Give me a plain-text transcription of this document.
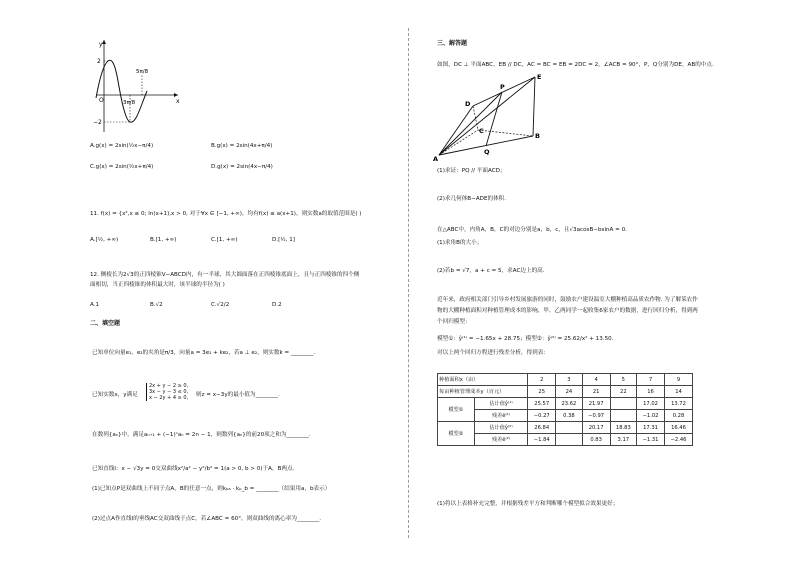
y
x
2
−2
O	3π/8
5π/8
A.g(x) = 2sin(½x−π/4)	B.g(x) = 2sin(4x+π/4)
C.g(x) = 2sin(½x+π/4)	D.g(x) = 2sin(4x−π/4)
11. f(x) = {x²,x ≤ 0; ln(x+1),x > 0, 对于∀x ∈ [−1, +∞)，均有f(x) ≤ a(x+1)，则实数a的取值范围是( )
A.[½, +∞)	B.[1, +∞)	C.[1, +∞)	D.[½, 1]
12. 侧棱长为2√3的正四棱锥V−ABCD内，有一半球，其大圆面落在正四棱锥底面上，且与正四棱锥的四个侧
面相切，当正四棱锥的体积最大时，该半球的半径为( )
A.1	B.√2	C.√2/2	D.2
二、填空题
已知单位向量e₁，e₂的夹角是π/3，向量a = 3e₁ + ke₂，若a ⊥ e₂，则实数k = ________.
已知实数x，y满足
2x + y − 2 ≥ 0,
3x − y − 3 ≤ 0,
x − 2y + 4 ≥ 0, 则z = x−3y的最小值为________.
在数列{aₙ}中，满足aₙ₊₁ + (−1)ⁿaₙ = 2n − 1，则数列{aₙ}的前20项之和为________.
已知直线l：x − √3y = 0交双曲线x²/a² − y²/b² = 1(a > 0, b > 0)于A，B两点.
(1)已知点P是双曲线上不同于点A，B的任意一点，则kₚₐ · kₚ_b = ________（结果用a，b表示）
(2)过点A作直线l的垂线AC交双曲线于点C，若∠ABC = 60°，则双曲线的离心率为________.
三、解答题
如图，DC ⊥ 平面ABC，EB // DC，AC = BC = EB = 2DC = 2，∠ACB = 90°，P，Q分别为DE，AB的中点.
E
D
P
C
B
A
Q
(1)求证：PQ // 平面ACD；
(2)求几何体B−ADE的体积.
在△ABC中，内角A，B，C的对边分别是a，b，c，且√3acosB−bsinA = 0.
(1)求角B的大小；
(2)若b = √7，a + c = 5，求AC边上的高.
近年来，政府相关部门引导乡村发展旅游的同时，鼓励农户建设温室大棚种植高品质农作物. 为了解某农作
物的大棚种植面积对种植管理成本的影响，甲、乙两同学一起收集6家农户的数据，进行回归分析，得到两
个回归模型：
模型①：ŷ⁽¹⁾ = −1.65x + 28.75；模型②：ŷ⁽²⁾ = 25.62/x² + 13.50.
对以上两个回归方程进行残差分析，得到表：
种植面积x（亩）		2	3	4	5	7	9
每亩种植管理成本y（百元）		25	24	21	22	16	14
模型①	估计值ŷ⁽¹⁾	25.57	23.62	21.97		17.02	13.72
	残差ê⁽¹⁾	−0.27	0.38	−0.97		−1.02	0.28
模型②	估计值ŷ⁽²⁾	26.84		20.17	18.83	17.31	16.46
	残差ê⁽²⁾	−1.84		0.83	3.17	−1.31	−2.46
(1)将以上表格补充完整，并根据残差平方和判断哪个模型拟合效果更好；
